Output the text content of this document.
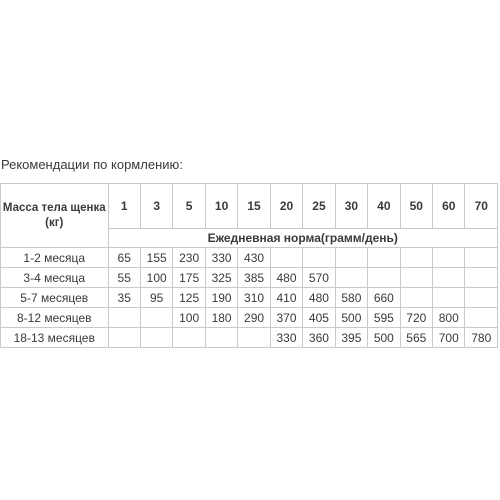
Рекомендации по кормлению:
Масса тела щенка (кг)	1	3	5	10	15	20	25	30	40	50	60	70
	Ежедневная норма(грамм/день)											
1-2 месяца	65	155	230	330	430							
3-4 месяца	55	100	175	325	385	480	570					
5-7 месяцев	35	95	125	190	310	410	480	580	660			
8-12 месяцев			100	180	290	370	405	500	595	720	800	
18-13 месяцев						330	360	395	500	565	700	780
